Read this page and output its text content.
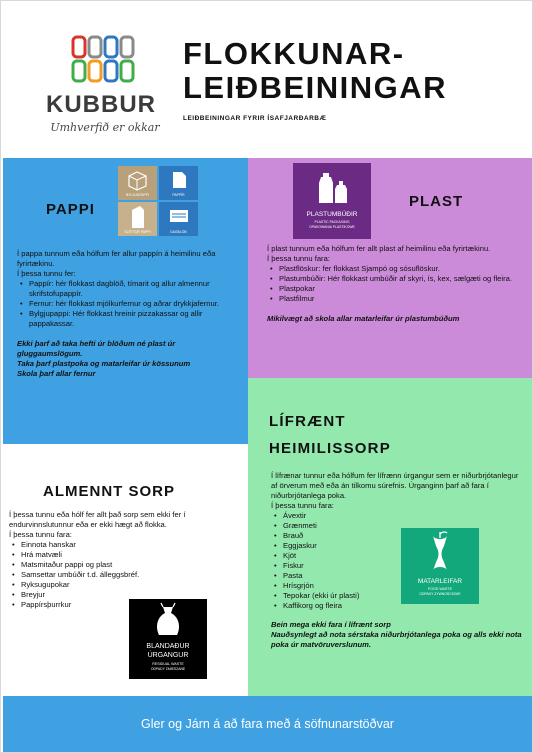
KUBBUR
Umhverfið er okkar
FLOKKUNAR-
LEIÐBEININGAR
LEIÐBEININGAR FYRIR ÍSAFJARÐARBÆ
PAPPI
BYLGJUPAPPI	PAPPÍR
SLÉTTUR PAPPI	DAGBLÖÐ

Í pappa tunnum eða hólfum fer allur pappín á heimilinu eða fyrirtækinu.

Í þessa tunnu fer:

• Pappír: hér flokkast dagblöð, tímarit og allur almennur skrifstofupappír.
• Fernur: hér flokkast mjólkurfernur og aðrar drykkjafernur.
• Bylgjupappi: Hér flokkast hreinir pizzakassar og allir pappakassar.

Ekki þarf að taka hefti úr blöðum né plast úr gluggaumslögum.

Taka þarf plastpoka og matarleifar úr kössunum

Skola þarf allar fernur

PLASTUMBÚÐIR
PLASTIC PACKAGING
OPAKOWANIA PLASTIKOWE
PLAST

Í plast tunnum eða hólfum fer allt plast af heimilinu eða fyrirtækinu.

Í þessa tunnu fara:

• Plastflöskur: fer flokkast Sjampó og sósuflöskur.
• Plastumbúðir: Hér flokkast umbúðir af skyri, ís, kex, sælgæti og fleira.
• Plastpokar
• Plastfilmur

Mikilvægt að skola allar matarleifar úr plastumbúðum

LÍFRÆNT
HEIMILISSORP

Í lífrænar tunnur eða hólfum fer lífrænn úrgangur sem er niðurbrjótanlegur af örverum með eða án tilkomu súrefnis. Úrganginn þarf að fara í niðurbrjótanlega poka.

Í þessa tunnu fara:

• Ávextir
• Grænmeti
• Brauð
• Eggjaskur
• Kjöt
• Fiskur
• Pasta
• Hrísgrjón
• Tepokar (ekki úr plasti)
• Kaffikorg og fleira

Bein mega ekki fara í lífrænt sorp

Nauðsynlegt að nota sérstaka niðurbrjótanlega poka og alls ekki nota poka úr matvöruverslunum.

MATARLEIFAR
FOOD WASTE
ODPADY ZYWNOSCIOWE
ALMENNT SORP

Í þessa tunnu eða hólf fer allt það sorp sem ekki fer í endurvinnslutunnur eða er ekki hægt að flokka.

Í þessa tunnu fara:

• Einnota hanskar
• Hrá matvæli
• Matsmitaður pappi og plast
• Samsettar umbúðir t.d. álleggsbréf.
• Ryksugupokar
• Breyjur
• Pappírsþurrkur
BLANDAÐUR
ÚRGANGUR
RESIDUAL WASTE
ODPADY ZMIESZANE
Gler og Járn á að fara með á söfnunarstöðvar
